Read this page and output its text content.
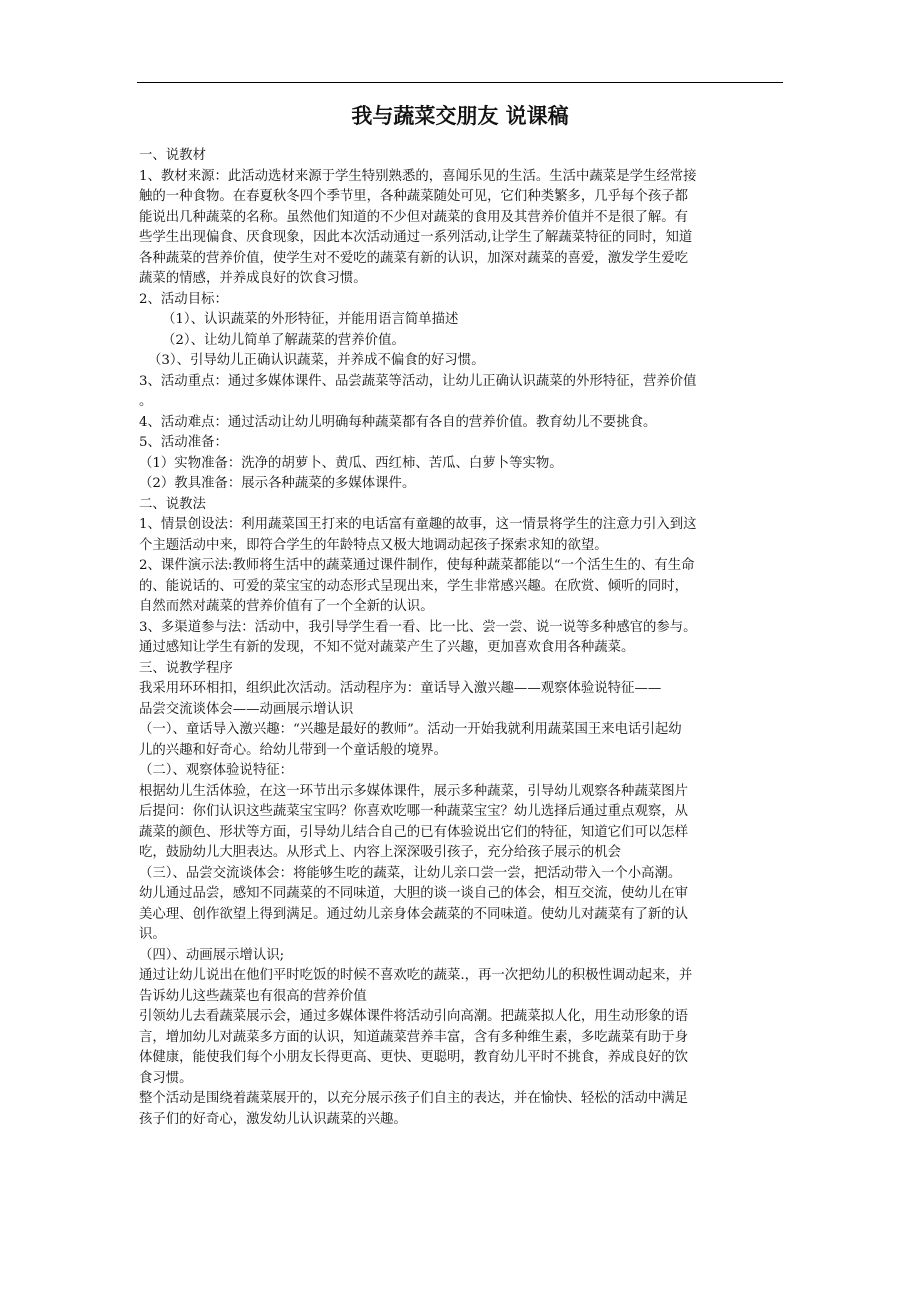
我与蔬菜交朋友 说课稿

一、说教材

1、教材来源：此活动选材来源于学生特别熟悉的，喜闻乐见的生活。生活中蔬菜是学生经常接

触的一种食物。在春夏秋冬四个季节里，各种蔬菜随处可见，它们种类繁多，几乎每个孩子都

能说出几种蔬菜的名称。虽然他们知道的不少但对蔬菜的食用及其营养价值并不是很了解。有

些学生出现偏食、厌食现象，因此本次活动通过一系列活动,让学生了解蔬菜特征的同时，知道

各种蔬菜的营养价值，使学生对不爱吃的蔬菜有新的认识，加深对蔬菜的喜爱，激发学生爱吃

蔬菜的情感，并养成良好的饮食习惯。

2、活动目标：

（1）、认识蔬菜的外形特征，并能用语言简单描述

（2）、让幼儿简单了解蔬菜的营养价值。

（3）、引导幼儿正确认识蔬菜，并养成不偏食的好习惯。

3、活动重点：通过多媒体课件、品尝蔬菜等活动，让幼儿正确认识蔬菜的外形特征，营养价值

。

4、活动难点：通过活动让幼儿明确每种蔬菜都有各自的营养价值。教育幼儿不要挑食。

5、活动准备：

（1）实物准备：洗净的胡萝卜、黄瓜、西红柿、苦瓜、白萝卜等实物。

（2）教具准备：展示各种蔬菜的多媒体课件。

二、说教法

1、情景创设法：利用蔬菜国王打来的电话富有童趣的故事，这一情景将学生的注意力引入到这

个主题活动中来，即符合学生的年龄特点又极大地调动起孩子探索求知的欲望。

2、课件演示法:教师将生活中的蔬菜通过课件制作，使每种蔬菜都能以“一个活生生的、有生命

的、能说话的、可爱的菜宝宝的动态形式呈现出来，学生非常感兴趣。在欣赏、倾听的同时，

自然而然对蔬菜的营养价值有了一个全新的认识。

3、多渠道参与法：活动中，我引导学生看一看、比一比、尝一尝、说一说等多种感官的参与。

通过感知让学生有新的发现，不知不觉对蔬菜产生了兴趣，更加喜欢食用各种蔬菜。

三、说教学程序

我采用环环相扣，组织此次活动。活动程序为：童话导入激兴趣——观察体验说特征——

品尝交流谈体会——动画展示增认识

（一）、童话导入激兴趣：“兴趣是最好的教师”。活动一开始我就利用蔬菜国王来电话引起幼

儿的兴趣和好奇心。给幼儿带到一个童话般的境界。

（二）、观察体验说特征：

根据幼儿生活体验，在这一环节出示多媒体课件，展示多种蔬菜，引导幼儿观察各种蔬菜图片

后提问：你们认识这些蔬菜宝宝吗？你喜欢吃哪一种蔬菜宝宝？幼儿选择后通过重点观察，从

蔬菜的颜色、形状等方面，引导幼儿结合自己的已有体验说出它们的特征，知道它们可以怎样

吃，鼓励幼儿大胆表达。从形式上、内容上深深吸引孩子，充分给孩子展示的机会

（三）、品尝交流谈体会：将能够生吃的蔬菜，让幼儿亲口尝一尝，把活动带入一个小高潮。

幼儿通过品尝，感知不同蔬菜的不同味道，大胆的谈一谈自己的体会，相互交流，使幼儿在审

美心理、创作欲望上得到满足。通过幼儿亲身体会蔬菜的不同味道。使幼儿对蔬菜有了新的认

识。

（四）、动画展示增认识;

通过让幼儿说出在他们平时吃饭的时候不喜欢吃的蔬菜.，再一次把幼儿的积极性调动起来，并

告诉幼儿这些蔬菜也有很高的营养价值

引领幼儿去看蔬菜展示会，通过多媒体课件将活动引向高潮。把蔬菜拟人化，用生动形象的语

言，增加幼儿对蔬菜多方面的认识，知道蔬菜营养丰富，含有多种维生素，多吃蔬菜有助于身

体健康，能使我们每个小朋友长得更高、更快、更聪明，教育幼儿平时不挑食，养成良好的饮

食习惯。

整个活动是围绕着蔬菜展开的，以充分展示孩子们自主的表达，并在愉快、轻松的活动中满足

孩子们的好奇心，激发幼儿认识蔬菜的兴趣。
